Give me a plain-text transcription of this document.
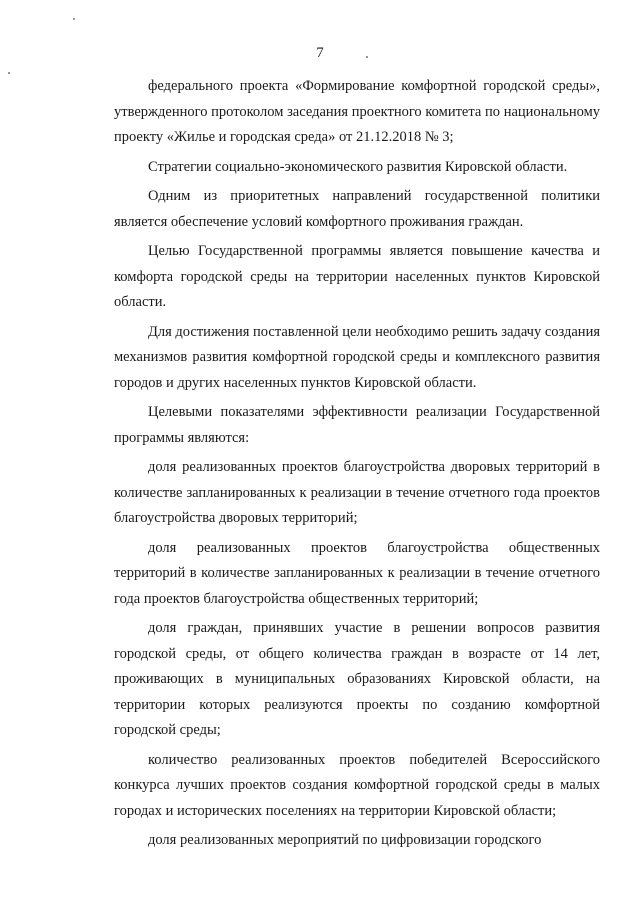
7

федерального проекта «Формирование комфортной городской среды», утвержденного протоколом заседания проектного комитета по национальному проекту «Жилье и городская среда» от 21.12.2018 № 3;

Стратегии социально-экономического развития Кировской области.

Одним из приоритетных направлений государственной политики является обеспечение условий комфортного проживания граждан.

Целью Государственной программы является повышение качества и комфорта городской среды на территории населенных пунктов Кировской области.

Для достижения поставленной цели необходимо решить задачу создания механизмов развития комфортной городской среды и комплексного развития городов и других населенных пунктов Кировской области.

Целевыми показателями эффективности реализации Государственной программы являются:

доля реализованных проектов благоустройства дворовых территорий в количестве запланированных к реализации в течение отчетного года проектов благоустройства дворовых территорий;

доля реализованных проектов благоустройства общественных территорий в количестве запланированных к реализации в течение отчетного года проектов благоустройства общественных территорий;

доля граждан, принявших участие в решении вопросов развития городской среды, от общего количества граждан в возрасте от 14 лет, проживающих в муниципальных образованиях Кировской области, на территории которых реализуются проекты по созданию комфортной городской среды;

количество реализованных проектов победителей Всероссийского конкурса лучших проектов создания комфортной городской среды в малых городах и исторических поселениях на территории Кировской области;

доля реализованных мероприятий по цифровизации городского
